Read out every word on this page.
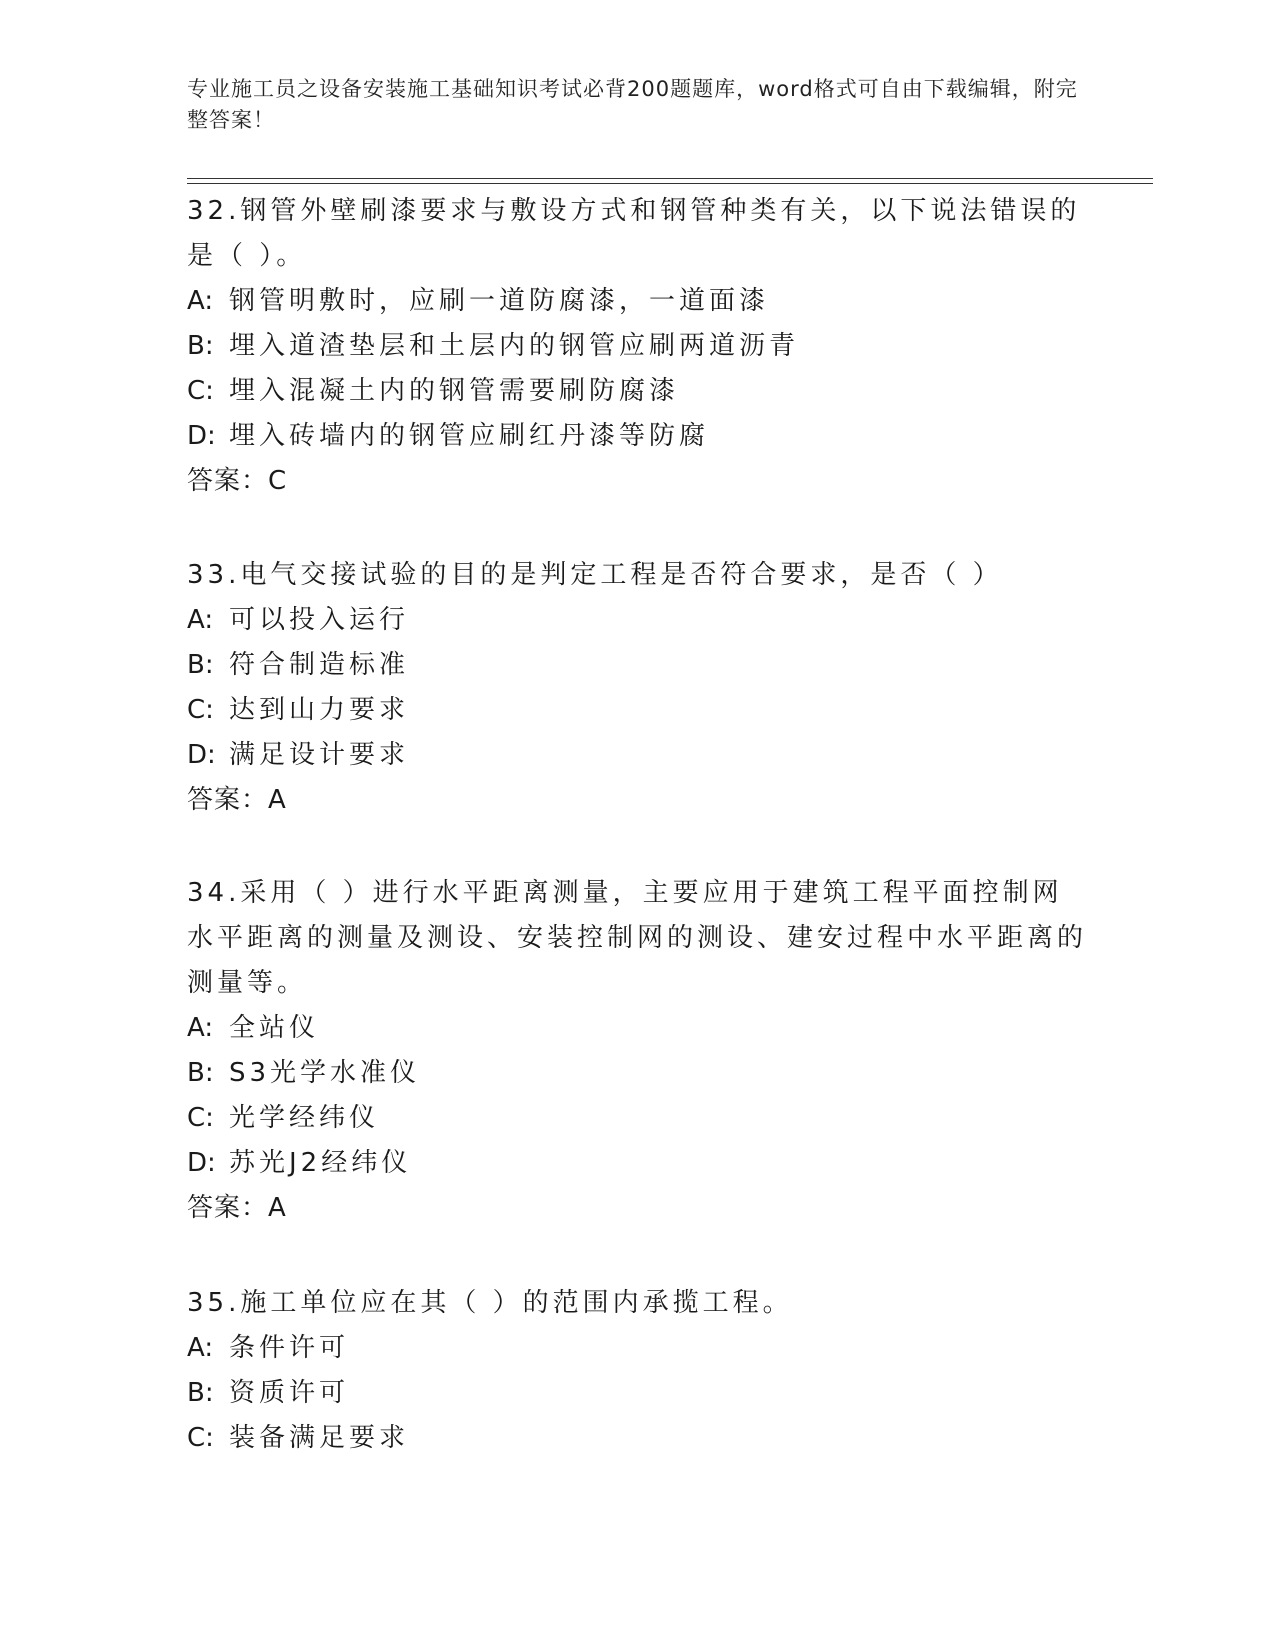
专业施工员之设备安装施工基础知识考试必背200题题库，word格式可自由下载编辑，附完整答案！
32.钢管外壁刷漆要求与敷设方式和钢管种类有关，以下说法错误的是（ ）。
A: 钢管明敷时，应刷一道防腐漆，一道面漆
B: 埋入道渣垫层和土层内的钢管应刷两道沥青
C: 埋入混凝土内的钢管需要刷防腐漆
D: 埋入砖墙内的钢管应刷红丹漆等防腐
答案：C
33.电气交接试验的目的是判定工程是否符合要求，是否（ ）
A: 可以投入运行
B: 符合制造标准
C: 达到山力要求
D: 满足设计要求
答案：A
34.采用（ ）进行水平距离测量，主要应用于建筑工程平面控制网水平距离的测量及测设、安装控制网的测设、建安过程中水平距离的测量等。
A: 全站仪
B: S3光学水准仪
C: 光学经纬仪
D: 苏光J2经纬仪
答案：A
35.施工单位应在其（ ）的范围内承揽工程。
A: 条件许可
B: 资质许可
C: 装备满足要求
